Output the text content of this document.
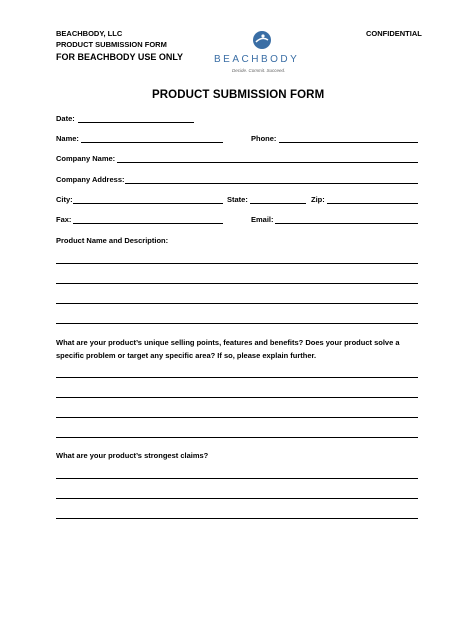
BEACHBODY, LLC
PRODUCT SUBMISSION FORM
FOR BEACHBODY USE ONLY
CONFIDENTIAL
BEACHBODY
Decide. Commit. Succeed.
PRODUCT SUBMISSION FORM
Date:
Name:	Phone:
Company Name:
Company Address:
City:	State:	Zip:
Fax:	Email:
Product Name and Description:
What are your product’s unique selling points, features and benefits? Does your product solve a
specific problem or target any specific area? If so, please explain further.
What are your product’s strongest claims?
